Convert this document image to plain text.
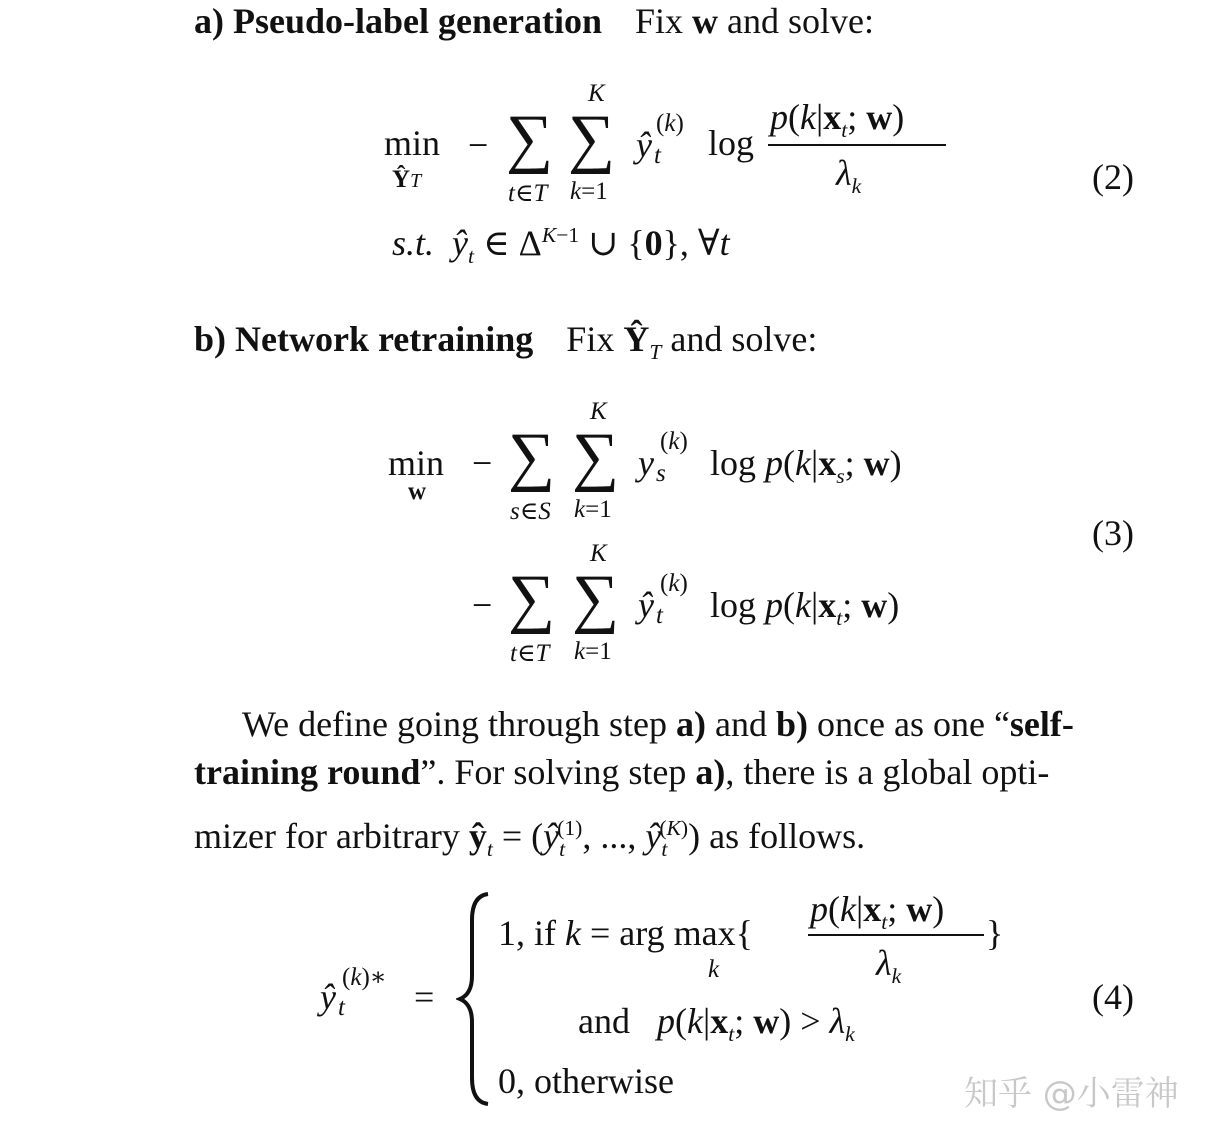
a) Pseudo-label generation Fix w and solve:
min
ŶT
− ∑
t∈T
K
∑
k=1
ŷ t
(k) log
$p(k|x_t$; w)
$\lambda_k$	(2)
s.t. $ŷ_t$ ∈ $\Delta^{K-1}$ ∪ {0}, ∀t
b) Network retraining Fix $Ŷ_T$ and solve:
min
w
− ∑
s∈S
K
∑
k=1
y s
(k)
$\log p(k|x_s$; w)
− ∑
t∈T
K
∑
k=1
ŷ t
(k)
$\log p(k|x_t$; w)
(3)
We define going through step a) and b) once as one “self-
training round”. For solving step a), there is a global opti-
mizer for arbitrary $ŷ_t$ = ($ŷ_t^{(1)}$, ..., $ŷ_t^{(K)}$) as follows.
ŷ t
(k)∗ =
1, if k = arg max{
k
$p(k|x_t$; w)
$\lambda_k$
}
and   $p(k|x_t$; $w) > \lambda_k$
0, otherwise
(4)
知乎 @小雷神
